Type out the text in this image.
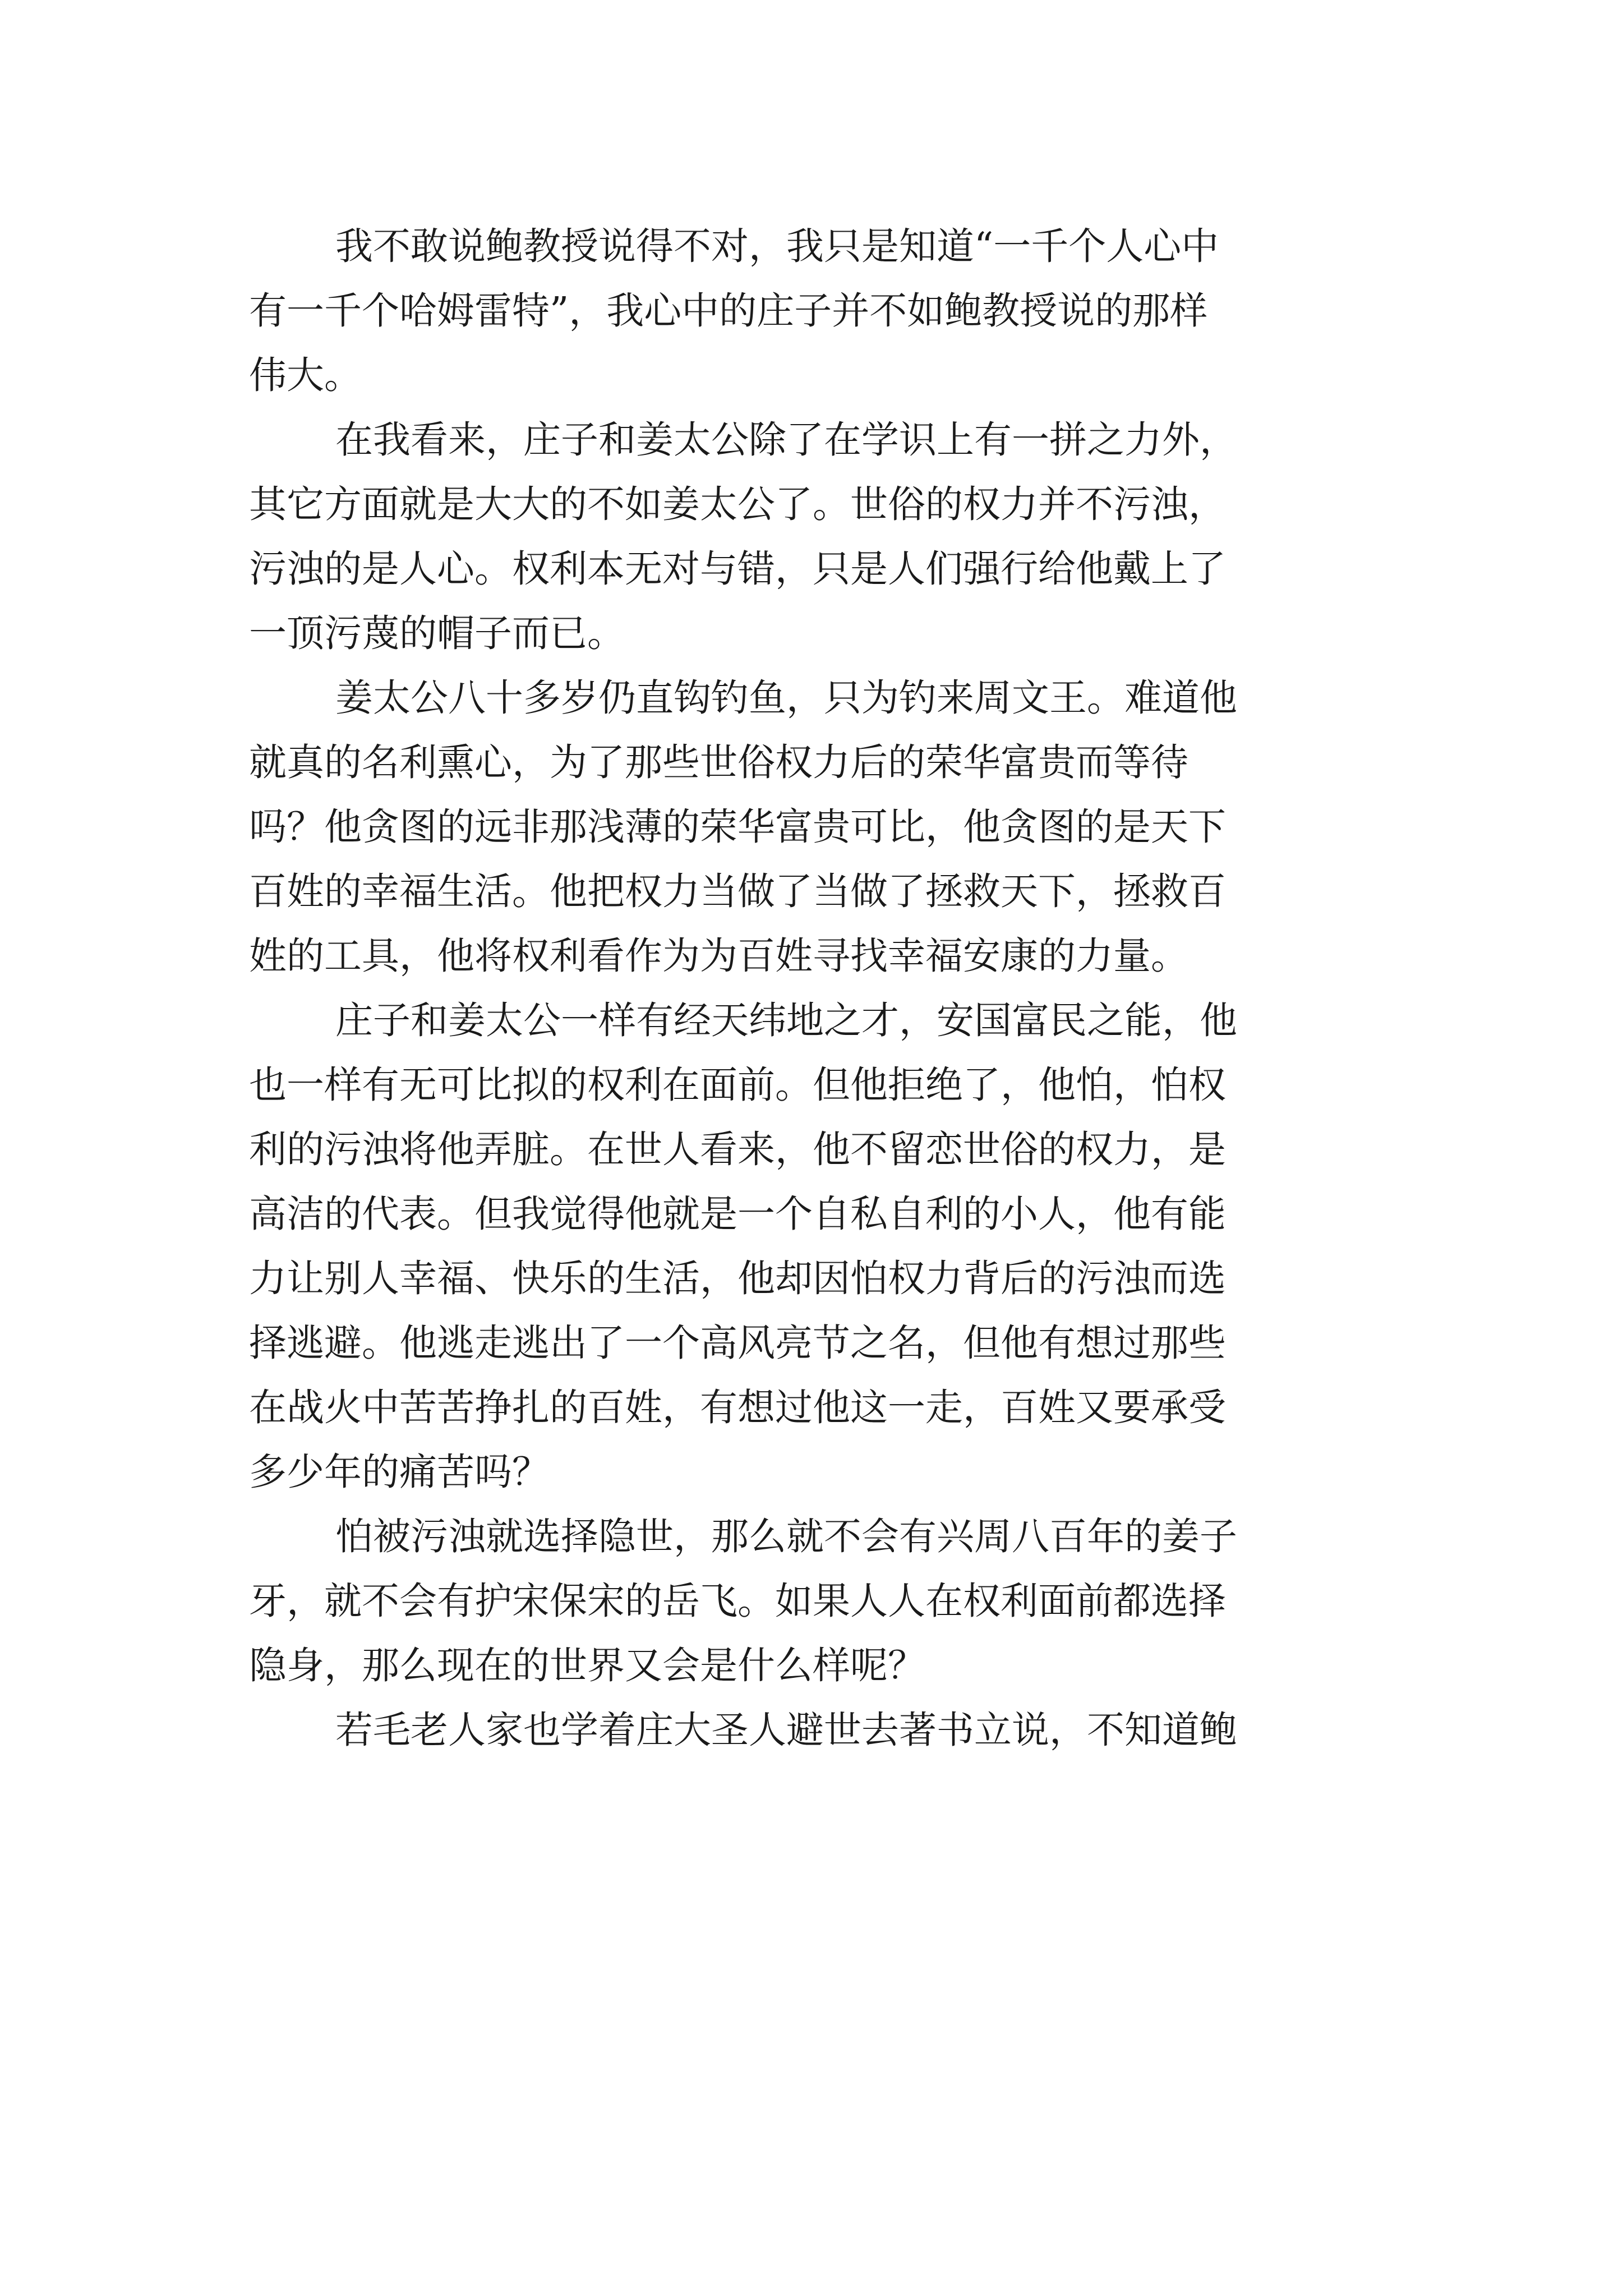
我不敢说鲍教授说得不对，我只是知道“一千个人心中
有一千个哈姆雷特”，我心中的庄子并不如鲍教授说的那样
伟大。
在我看来，庄子和姜太公除了在学识上有一拼之力外，
其它方面就是大大的不如姜太公了。世俗的权力并不污浊，
污浊的是人心。权利本无对与错，只是人们强行给他戴上了
一顶污蔑的帽子而已。
姜太公八十多岁仍直钩钓鱼，只为钓来周文王。难道他
就真的名利熏心，为了那些世俗权力后的荣华富贵而等待
吗？他贪图的远非那浅薄的荣华富贵可比，他贪图的是天下
百姓的幸福生活。他把权力当做了当做了拯救天下，拯救百
姓的工具，他将权利看作为为百姓寻找幸福安康的力量。
庄子和姜太公一样有经天纬地之才，安国富民之能，他
也一样有无可比拟的权利在面前。但他拒绝了，他怕，怕权
利的污浊将他弄脏。在世人看来，他不留恋世俗的权力，是
高洁的代表。但我觉得他就是一个自私自利的小人，他有能
力让别人幸福、快乐的生活，他却因怕权力背后的污浊而选
择逃避。他逃走逃出了一个高风亮节之名，但他有想过那些
在战火中苦苦挣扎的百姓，有想过他这一走，百姓又要承受
多少年的痛苦吗？
怕被污浊就选择隐世，那么就不会有兴周八百年的姜子
牙，就不会有护宋保宋的岳飞。如果人人在权利面前都选择
隐身，那么现在的世界又会是什么样呢？
若毛老人家也学着庄大圣人避世去著书立说，不知道鲍
